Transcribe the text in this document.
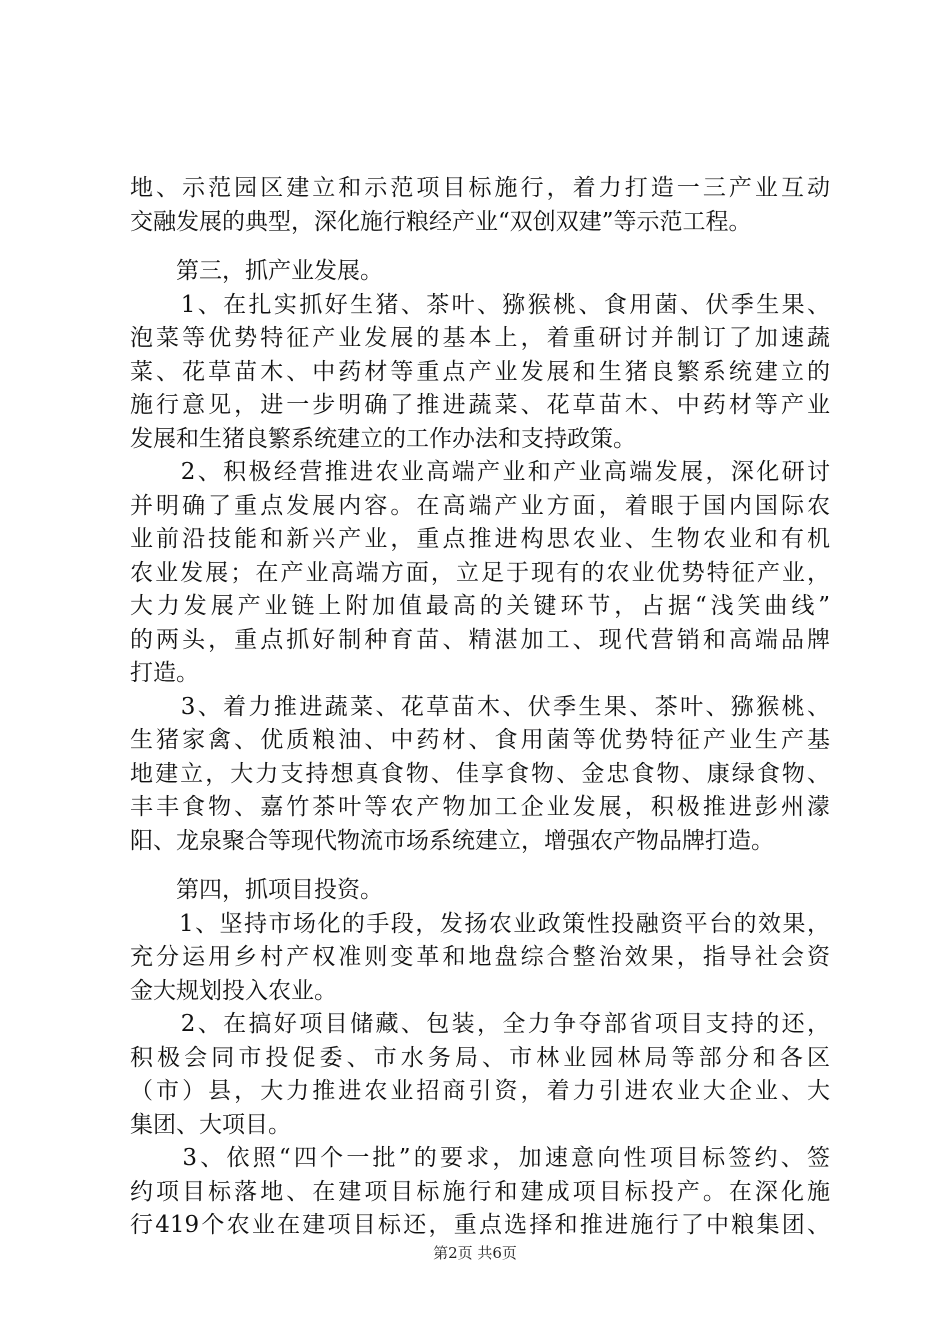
地、示范园区建立和示范项目标施行，着力打造一三产业互动
交融发展的典型，深化施行粮经产业“双创双建”等示范工程。
　　第三，抓产业发展。
　　1、在扎实抓好生猪、茶叶、猕猴桃、食用菌、伏季生果、
泡菜等优势特征产业发展的基本上，着重研讨并制订了加速蔬
菜、花草苗木、中药材等重点产业发展和生猪良繁系统建立的
施行意见，进一步明确了推进蔬菜、花草苗木、中药材等产业
发展和生猪良繁系统建立的工作办法和支持政策。
　　2、积极经营推进农业高端产业和产业高端发展，深化研讨
并明确了重点发展内容。在高端产业方面，着眼于国内国际农
业前沿技能和新兴产业，重点推进构思农业、生物农业和有机
农业发展；在产业高端方面，立足于现有的农业优势特征产业，
大力发展产业链上附加值最高的关键环节，占据“浅笑曲线”
的两头，重点抓好制种育苗、精湛加工、现代营销和高端品牌
打造。
　　3、着力推进蔬菜、花草苗木、伏季生果、茶叶、猕猴桃、
生猪家禽、优质粮油、中药材、食用菌等优势特征产业生产基
地建立，大力支持想真食物、佳享食物、金忠食物、康绿食物、
丰丰食物、嘉竹茶叶等农产物加工企业发展，积极推进彭州濛
阳、龙泉聚合等现代物流市场系统建立，增强农产物品牌打造。
　　第四，抓项目投资。
　　1、坚持市场化的手段，发扬农业政策性投融资平台的效果，
充分运用乡村产权准则变革和地盘综合整治效果，指导社会资
金大规划投入农业。
　　2、在搞好项目储藏、包装，全力争夺部省项目支持的还，
积极会同市投促委、市水务局、市林业园林局等部分和各区
（市）县，大力推进农业招商引资，着力引进农业大企业、大
集团、大项目。
　　3、依照“四个一批”的要求，加速意向性项目标签约、签
约项目标落地、在建项目标施行和建成项目标投产。在深化施
行419个农业在建项目标还，重点选择和推进施行了中粮集团、
第2页 共6页
